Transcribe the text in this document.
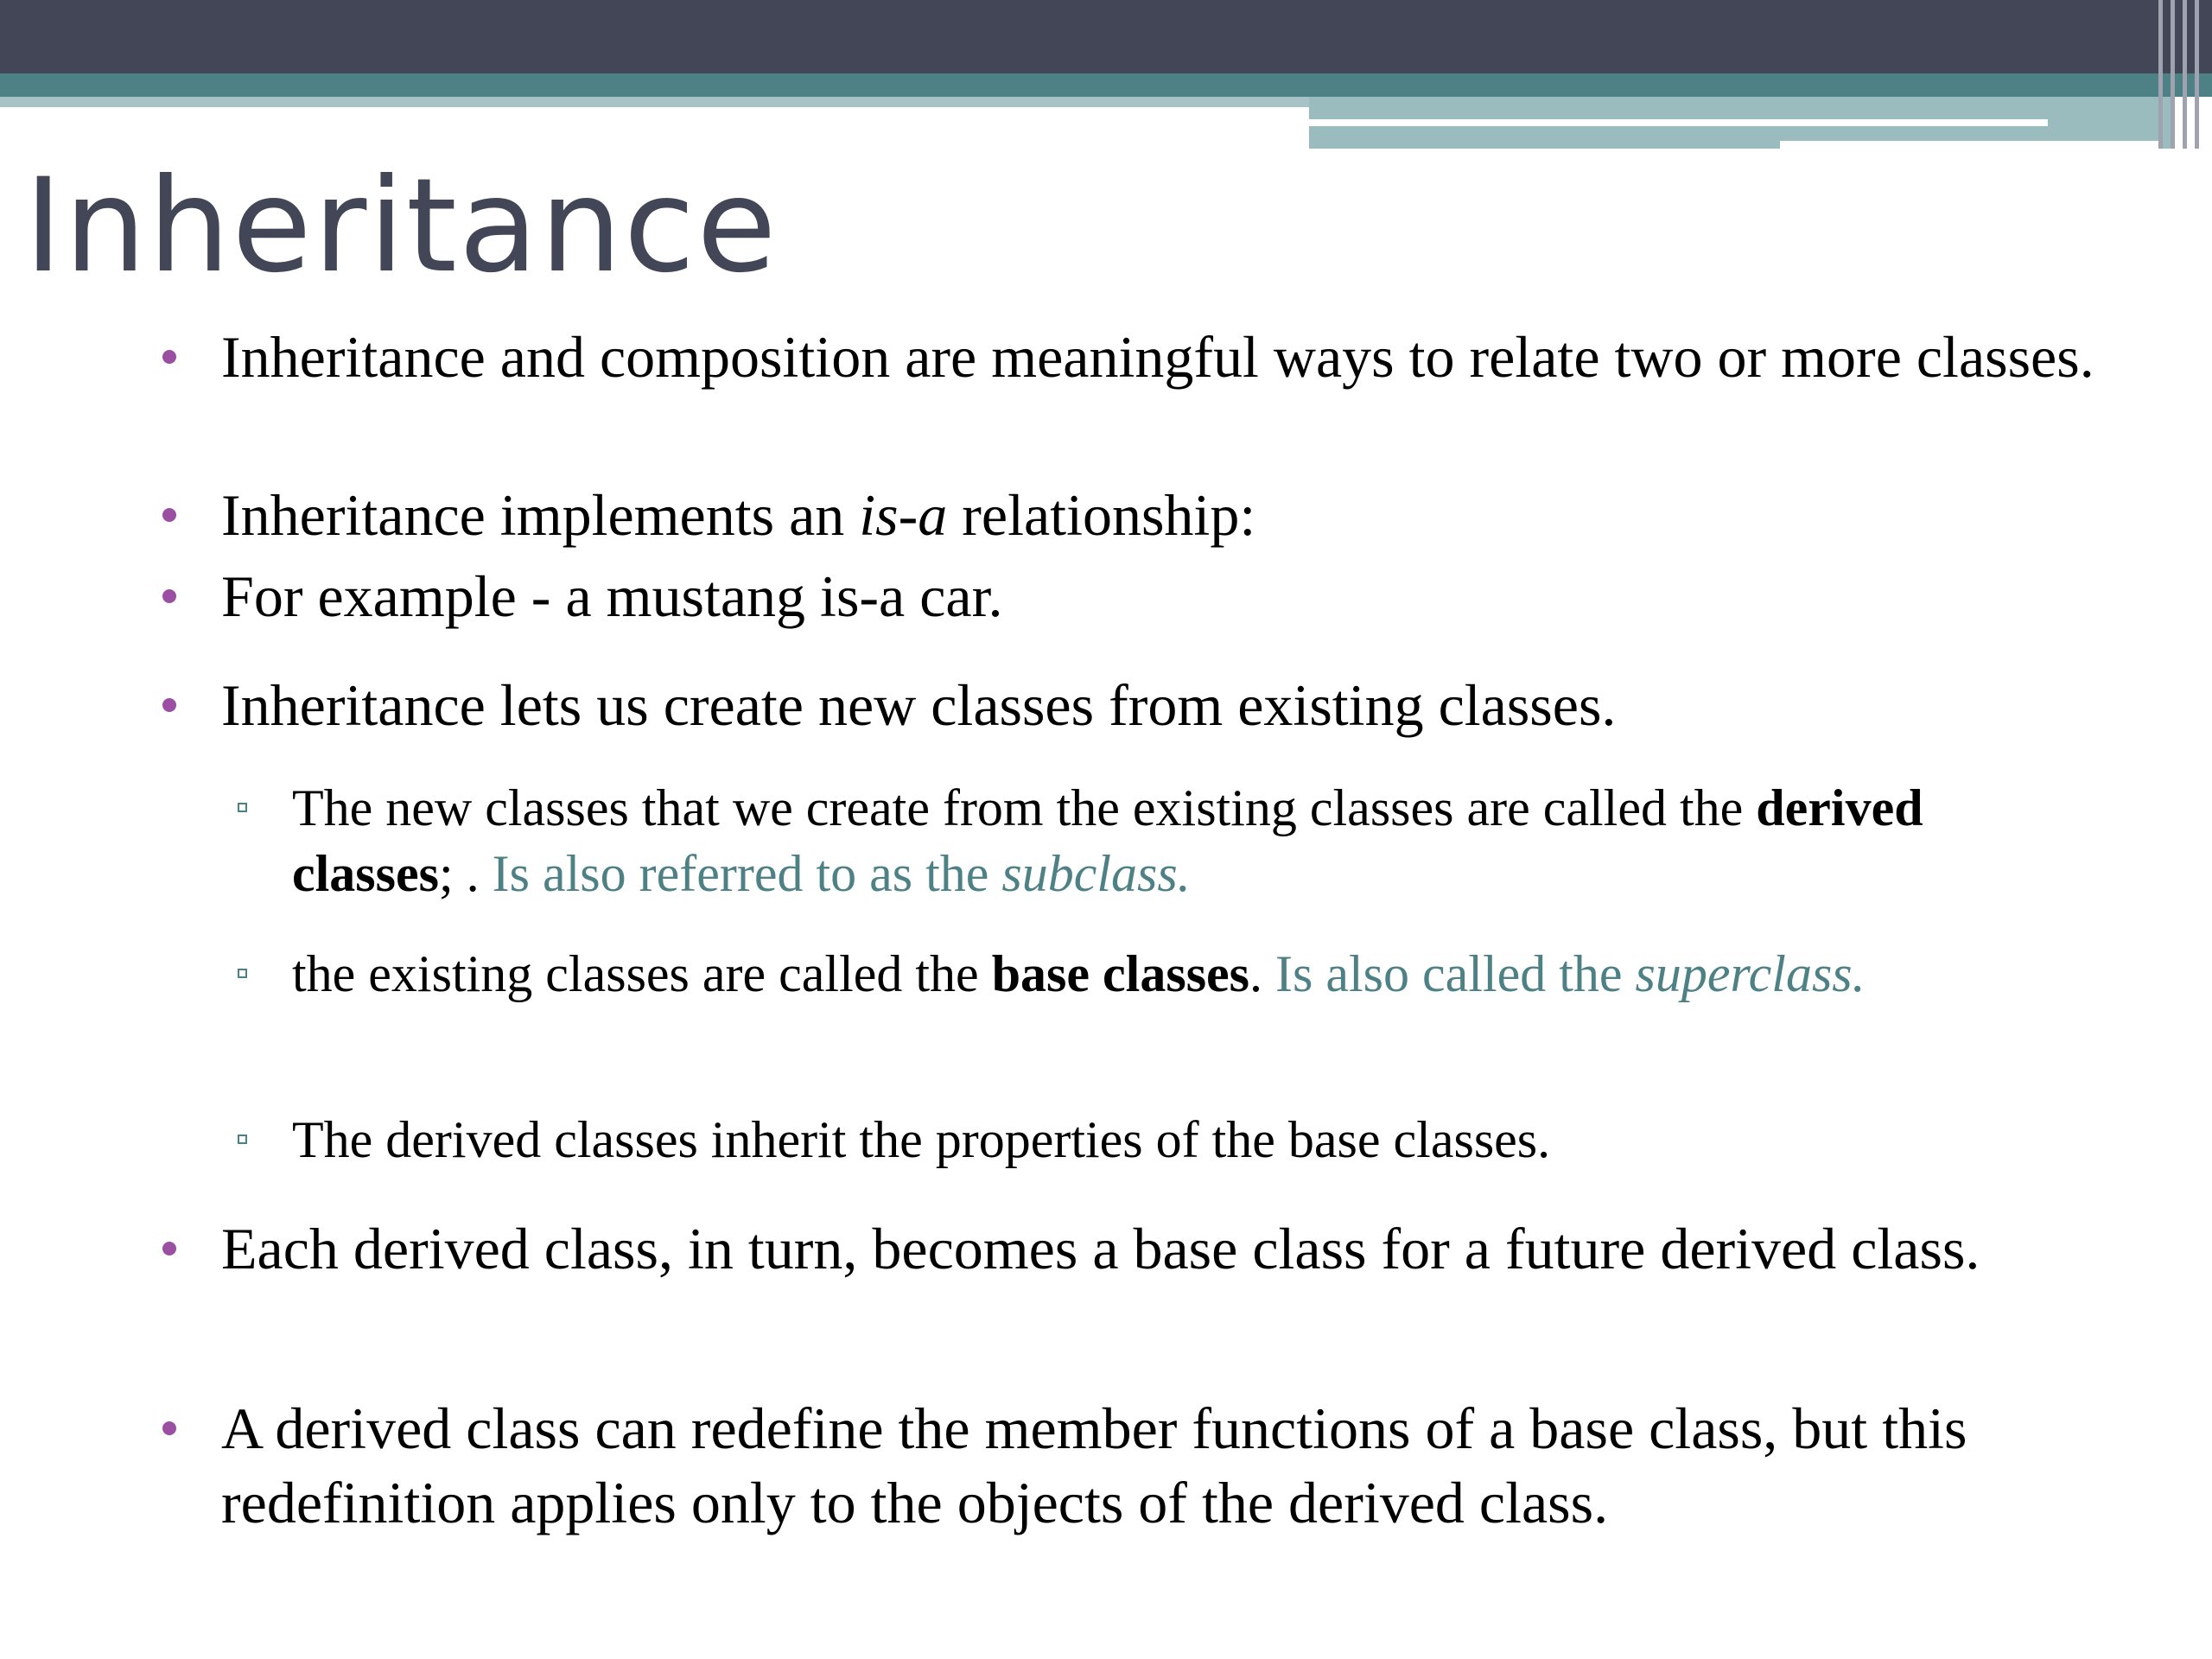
Inheritance

Inheritance and composition are meaningful ways to relate two or more classes.

Inheritance implements an is-a relationship:

For example - a mustang is-a car.

Inheritance lets us create new classes from existing classes.

The new classes that we create from the existing classes are called the derived classes; . Is also referred to as the subclass.

the existing classes are called the base classes. Is also called the superclass.

The derived classes inherit the properties of the base classes.

Each derived class, in turn, becomes a base class for a future derived class.

A derived class can redefine the member functions of a base class, but this redefinition applies only to the objects of the derived class.
